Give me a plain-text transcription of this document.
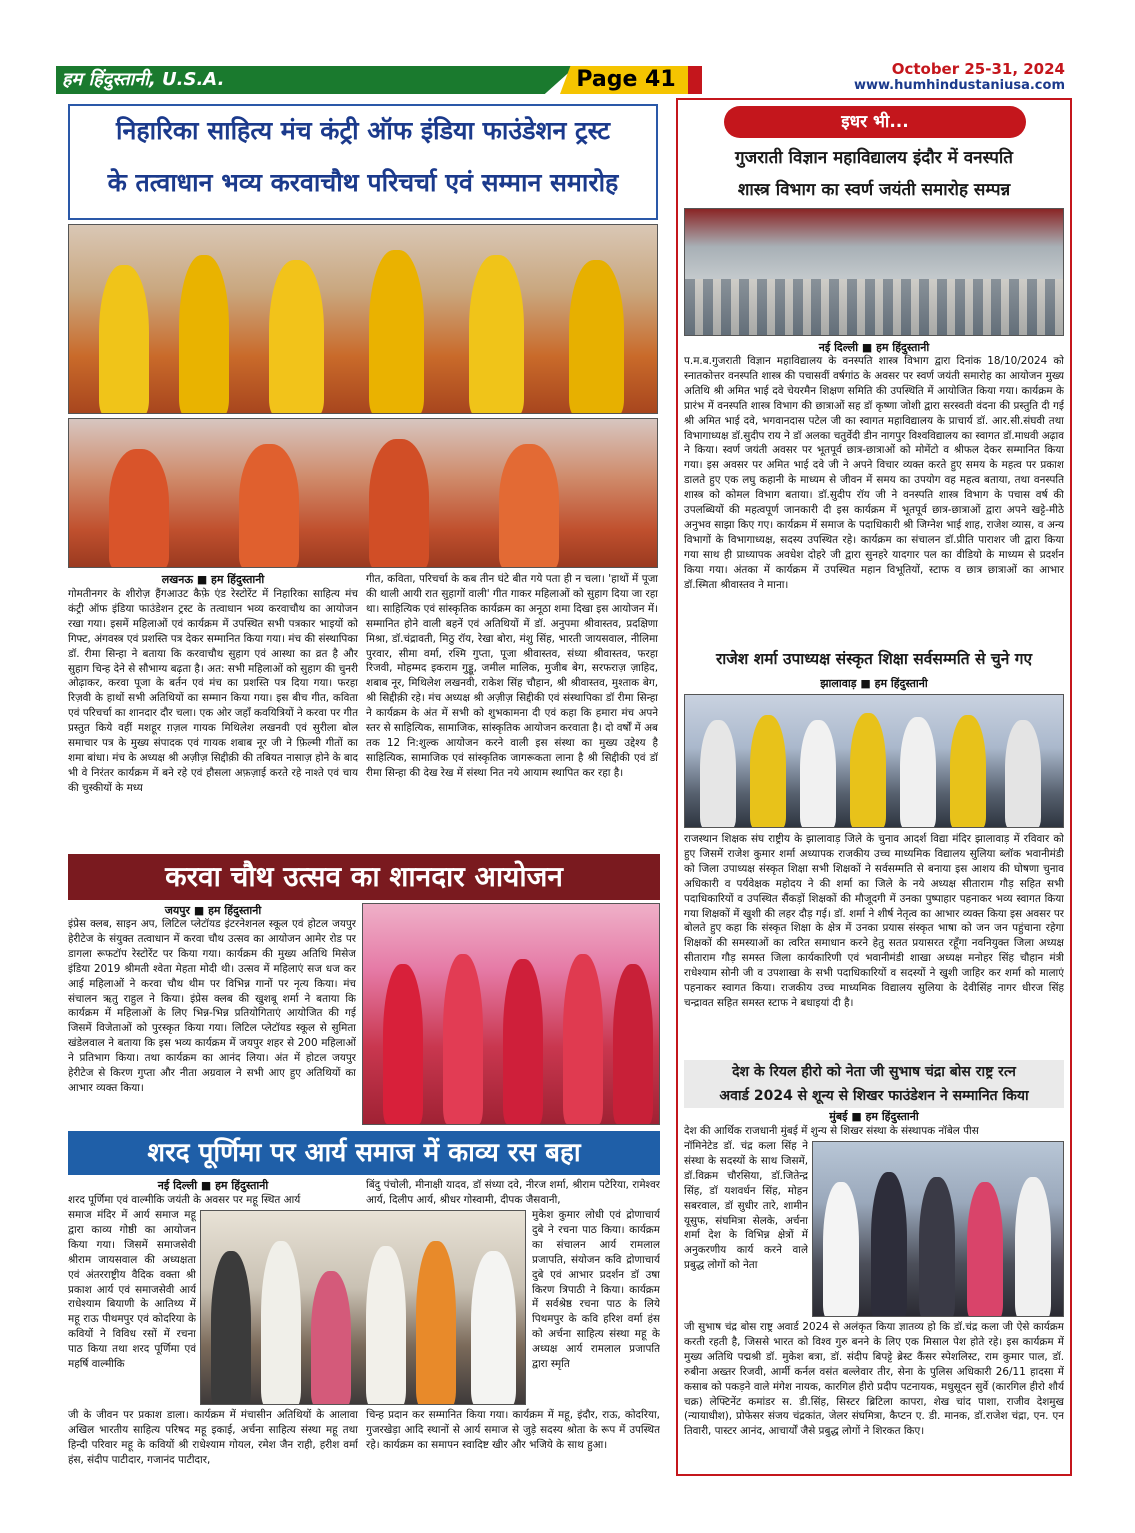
हम हिंदुस्तानी, U.S.A.	Page 41	October 25-31, 2024
www.humhindustaniusa.com
निहारिका साहित्य मंच कंट्री ऑफ इंडिया फाउंडेशन ट्रस्ट
के तत्वाधान भव्य करवाचौथ परिचर्चा एवं सम्मान समारोह
लखनऊ ■ हम हिंदुस्तानी

गोमतीनगर के शीरोज़ हैंगआउट कैफ़े एंड रेस्टोरेंट में निहारिका साहित्य मंच कंट्री ऑफ इंडिया फाउंडेशन ट्रस्ट के तत्वाधान भव्य करवाचौथ का आयोजन रखा गया। इसमें महिलाओं एवं कार्यक्रम में उपस्थित सभी पत्रकार भाइयों को गिफ्ट, अंगवस्त्र एवं प्रशस्ति पत्र देकर सम्मानित किया गया। मंच की संस्थापिका डॉ. रीमा सिन्हा ने बताया कि करवाचौथ सुहाग एवं आस्था का व्रत है और सुहाग चिन्ह देने से सौभाग्य बढ़ता है। अत: सभी महिलाओं को सुहाग की चुनरी ओढ़ाकर, करवा पूजा के बर्तन एवं मंच का प्रशस्ति पत्र दिया गया। फरहा रिज़वी के हाथों सभी अतिथियों का सम्मान किया गया। इस बीच गीत, कविता एवं परिचर्चा का शानदार दौर चला। एक ओर जहाँ कवयित्रियों ने करवा पर गीत प्रस्तुत किये वहीं मशहूर ग़ज़ल गायक मिथिलेश लखनवी एवं सुरीला बोल समाचार पत्र के मुख्य संपादक एवं गायक शबाब नूर जी ने फ़िल्मी गीतों का शमा बांधा। मंच के अध्यक्ष श्री अज़ीज़ सिद्दीक़ी की तबियत नासाज़ होने के बाद भी वे निरंतर कार्यक्रम में बने रहे एवं हौसला अफ़ज़ाई करते रहे नाश्ते एवं चाय की चुस्कीयों के मध्य

गीत, कविता, परिचर्चा के कब तीन घंटे बीत गये पता ही न चला। 'हाथों में पूजा की थाली आयी रात सुहागों वाली' गीत गाकर महिलाओं को सुहाग दिया जा रहा था। साहित्यिक एवं सांस्कृतिक कार्यक्रम का अनूठा शमा दिखा इस आयोजन में। सम्मानित होने वाली बहनें एवं अतिथियों में डॉ. अनुपमा श्रीवास्तव, प्रदक्षिणा मिश्रा, डॉ.चंद्रावती, मिठु रॉय, रेखा बोरा, मंशु सिंह, भारती जायसवाल, नीलिमा पुरवार, सीमा वर्मा, रश्मि गुप्ता, पूजा श्रीवास्तव, संध्या श्रीवास्तव, फरहा रिजवी, मोहम्मद इकराम गुड्डू, जमील मालिक, मुजीब बेग, सरफराज़ ज़ाहिद, शबाब नूर, मिथिलेश लखनवी, राकेश सिंह चौहान, श्री श्रीवास्तव, मुश्ताक बेग, श्री सिद्दीक़ी रहे। मंच अध्यक्ष श्री अज़ीज़ सिद्दीकी एवं संस्थापिका डॉ रीमा सिन्हा ने कार्यक्रम के अंत में सभी को शुभकामना दी एवं कहा कि हमारा मंच अपने स्तर से साहित्यिक, सामाजिक, सांस्कृतिक आयोजन करवाता है। दो वर्षों में अब तक 12 नि:शुल्क आयोजन करने वाली इस संस्था का मुख्य उद्देश्य है साहित्यिक, सामाजिक एवं सांस्कृतिक जागरूकता लाना है श्री सिद्दीकी एवं डॉ रीमा सिन्हा की देख रेख में संस्था नित नये आयाम स्थापित कर रहा है।

करवा चौथ उत्सव का शानदार आयोजन
जयपुर ■ हम हिंदुस्तानी

इंप्रेस क्लब, साइन अप, लिटिल प्लेटॉयड इंटरनेशनल स्कूल एवं होटल जयपुर हेरीटेज के संयुक्त तत्वाधान में करवा चौथ उत्सव का आयोजन आमेर रोड पर डागला रूफटॉप रेस्टोरेंट पर किया गया। कार्यक्रम की मुख्य अतिथि मिसेज इंडिया 2019 श्रीमती श्वेता मेहता मोदी थी। उत्सव में महिलाएं सज धज कर आई महिलाओं ने करवा चौथ थीम पर विभिन्न गानों पर नृत्य किया। मंच संचालन ऋतु राहुल ने किया। इंप्रेस क्लब की खुशबू शर्मा ने बताया कि कार्यक्रम में महिलाओं के लिए भिन्न-भिन्न प्रतियोगिताएं आयोजित की गई जिसमें विजेताओं को पुरस्कृत किया गया। लिटिल प्लेटॉयड स्कूल से सुमिता खंडेलवाल ने बताया कि इस भव्य कार्यक्रम में जयपुर शहर से 200 महिलाओं ने प्रतिभाग किया। तथा कार्यक्रम का आनंद लिया। अंत में होटल जयपुर हेरीटेज से किरण गुप्ता और नीता अग्रवाल ने सभी आए हुए अतिथियों का आभार व्यक्त किया।

शरद पूर्णिमा पर आर्य समाज में काव्य रस बहा
नई दिल्ली ■ हम हिंदुस्तानी

शरद पूर्णिमा एवं वाल्मीकि जयंती के अवसर पर महू स्थित आर्य

बिंदु पंचोली, मीनाक्षी यादव, डॉ संध्या दवे, नीरज शर्मा, श्रीराम पटेरिया, रामेश्वर आर्य, दिलीप आर्य, श्रीधर गोस्वामी, दीपक जैसवानी,

समाज मंदिर में आर्य समाज महू द्वारा काव्य गोष्ठी का आयोजन किया गया। जिसमें समाजसेवी श्रीराम जायसवाल की अध्यक्षता एवं अंतरराष्ट्रीय वैदिक वक्ता श्री प्रकाश आर्य एवं समाजसेवी आर्य राधेश्याम बियाणी के आतिथ्य में महू राऊ पीथमपुर एवं कोदरिया के कवियों ने विविध रसों में रचना पाठ किया तथा शरद पूर्णिमा एवं महर्षि वाल्मीकि

मुकेश कुमार लोधी एवं द्रोणाचार्य दुबे ने रचना पाठ किया। कार्यक्रम का संचालन आर्य रामलाल प्रजापति, संयोजन कवि द्रोणाचार्य दुबे एवं आभार प्रदर्शन डॉ उषा किरण त्रिपाठी ने किया। कार्यक्रम में सर्वश्रेष्ठ रचना पाठ के लिये पिथमपुर के कवि हरिश वर्मा हंस को अर्चना साहित्य संस्था महू के अध्यक्ष आर्य रामलाल प्रजापति द्वारा स्मृति

जी के जीवन पर प्रकाश डाला। कार्यक्रम में मंचासीन अतिथियों के आलावा अखिल भारतीय साहित्य परिषद महू इकाई, अर्चना साहित्य संस्था महू तथा हिन्दी परिवार महू के कवियों श्री राधेश्याम गोयल, रमेश जैन राही, हरीश वर्मा हंस, संदीप पाटीदार, गजानंद पाटीदार,

चिन्ह प्रदान कर सम्मानित किया गया। कार्यक्रम में महू, इंदौर, राऊ, कोदरिया, गुजरखेड़ा आदि स्थानों से आर्य समाज से जुड़े सदस्य श्रोता के रूप में उपस्थित रहे। कार्यक्रम का समापन स्वादिष्ट खीर और भजिये के साथ हुआ।

इधर भी...
गुजराती विज्ञान महाविद्यालय इंदौर में वनस्पति
शास्त्र विभाग का स्वर्ण जयंती समारोह सम्पन्न
नई दिल्ली ■ हम हिंदुस्तानी

प.म.ब.गुजराती विज्ञान महाविद्यालय के वनस्पति शास्त्र विभाग द्वारा दिनांक 18/10/2024 को स्नातकोत्तर वनस्पति शास्त्र की पचासवीं वर्षगांठ के अवसर पर स्वर्ण जयंती समारोह का आयोजन मुख्य अतिथि श्री अमित भाई दवे चेयरमैन शिक्षण समिति की उपस्थिति में आयोजित किया गया। कार्यक्रम के प्रारंभ में वनस्पति शास्त्र विभाग की छात्राओं सह डॉ कृष्णा जोशी द्वारा सरस्वती वंदना की प्रस्तुति दी गई श्री अमित भाई दवे, भगवानदास पटेल जी का स्वागत महाविद्यालय के प्राचार्य डॉ. आर.सी.संघवी तथा विभागाध्यक्ष डॉ.सुदीप राय ने डॉ अलका चतुर्वेदी डीन नागपुर विश्वविद्यालय का स्वागत डॉ.माधवी अढ़ाव ने किया। स्वर्ण जयंती अवसर पर भूतपूर्व छात्र-छात्राओं को मोमेंटो व श्रीफल देकर सम्मानित किया गया। इस अवसर पर अमित भाई दवे जी ने अपने विचार व्यक्त करते हुए समय के महत्व पर प्रकाश डालते हुए एक लघु कहानी के माध्यम से जीवन में समय का उपयोग वह महत्व बताया, तथा वनस्पति शास्त्र को कोमल विभाग बताया। डॉ.सुदीप रॉय जी ने वनस्पति शास्त्र विभाग के पचास वर्ष की उपलब्धियों की महत्वपूर्ण जानकारी दी इस कार्यक्रम में भूतपूर्व छात्र-छात्राओं द्वारा अपने खट्टे-मीठे अनुभव साझा किए गए। कार्यक्रम में समाज के पदाधिकारी श्री जिग्नेश भाई शाह, राजेश व्यास, व अन्य विभागों के विभागाध्यक्ष, सदस्य उपस्थित रहे। कार्यक्रम का संचालन डॉ.प्रीति पाराशर जी द्वारा किया गया साथ ही प्राध्यापक अवधेश दोहरे जी द्वारा सुनहरे यादगार पल का वीडियो के माध्यम से प्रदर्शन किया गया। अंतका में कार्यक्रम में उपस्थित महान विभूतियों, स्टाफ व छात्र छात्राओं का आभार डॉ.स्मिता श्रीवास्तव ने माना।

राजेश शर्मा उपाध्यक्ष संस्कृत शिक्षा सर्वसम्मति से चुने गए
झालावाड़ ■ हम हिंदुस्तानी

राजस्थान शिक्षक संघ राष्ट्रीय के झालावाड़ जिले के चुनाव आदर्श विद्या मंदिर झालावाड़ में रविवार को हुए जिसमें राजेश कुमार शर्मा अध्यापक राजकीय उच्च माध्यमिक विद्यालय सुलिया ब्लॉक भवानीमंडी को जिला उपाध्यक्ष संस्कृत शिक्षा सभी शिक्षकों ने सर्वसम्मति से बनाया इस आशय की घोषणा चुनाव अधिकारी व पर्यवेक्षक महोदय ने की शर्मा का जिले के नये अध्यक्ष सीताराम गौड़ सहित सभी पदाधिकारियों व उपस्थित सैंकड़ों शिक्षकों की मौजूदगी में उनका पुष्पाहार पहनाकर भव्य स्वागत किया गया शिक्षकों में खुशी की लहर दौड़ गई। डॉ. शर्मा ने शीर्ष नेतृत्व का आभार व्यक्त किया इस अवसर पर बोलते हुए कहा कि संस्कृत शिक्षा के क्षेत्र में उनका प्रयास संस्कृत भाषा को जन जन पहुंचाना रहेगा शिक्षकों की समस्याओं का त्वरित समाधान करने हेतु सतत प्रयासरत रहूँगा नवनियुक्त जिला अध्यक्ष सीताराम गौड़ समस्त जिला कार्यकारिणी एवं भवानीमंडी शाखा अध्यक्ष मनोहर सिंह चौहान मंत्री राधेश्याम सोनी जी व उपशाखा के सभी पदाधिकारियों व सदस्यों ने खुशी जाहिर कर शर्मा को मालाएं पहनाकर स्वागत किया। राजकीय उच्च माध्यमिक विद्यालय सुलिया के देवीसिंह नागर धीरज सिंह चन्द्रावत सहित समस्त स्टाफ ने बधाइयां दी है।

देश के रियल हीरो को नेता जी सुभाष चंद्रा बोस राष्ट्र रत्न
अवार्ड 2024 से शून्य से शिखर फाउंडेशन ने सम्मानित किया
मुंबई ■ हम हिंदुस्तानी

देश की आर्थिक राजधानी मुंबई में शुन्य से शिखर संस्था के संस्थापक नॉबेल पीस

नॉमिनेटेड डॉ. चंद्र कला सिंह ने संस्था के सदस्यों के साथ जिसमें, डॉ.विक्रम चौरसिया, डॉ.जितेन्द्र सिंह, डॉ यशवर्धन सिंह, मोहन सबरवाल, डॉ सुधीर तारे, शामीन यूसुफ, संघमित्रा सेलके, अर्चना शर्मा देश के विभिन्न क्षेत्रों में अनुकरणीय कार्य करने वाले प्रबुद्ध लोगों को नेता

जी सुभाष चंद्र बोस राष्ट्र अवार्ड 2024 से अलंकृत किया ज्ञातव्य हो कि डॉ.चंद्र कला जी ऐसे कार्यक्रम करती रहती है, जिससे भारत को विश्व गुरु बनने के लिए एक मिसाल पेश होते रहे। इस कार्यक्रम में मुख्य अतिथि पद्मश्री डॉ. मुकेश बत्रा, डॉ. संदीप बिपट्टे ब्रेस्ट कैंसर स्पेशलिस्ट, राम कुमार पाल, डॉ. रुबीना अख्तर रिजवी, आर्मी कर्नल वसंत बल्लेवार तीर, सेना के पुलिस अधिकारी 26/11 हादसा में कसाब को पकड़ने वाले मंगेश नायक, कारगिल हीरो प्रदीप पटनायक, मधुसूदन सुर्वे (कारगिल हीरो शौर्य चक्र) लेफ्टिनेंट कमांडर स. डी.सिंह, सिस्टर ब्रिटिला कापरा, शेख चांद पाशा, राजीव देशमुख (न्यायाधीश), प्रोफेसर संजय चंद्रकांत, जेलर संघमित्रा, कैप्टन ए. डी. मानक, डॉ.राजेश चंद्रा, एन. एन तिवारी, पास्टर आनंद, आचार्यों जैसे प्रबुद्ध लोगों ने शिरकत किए।
